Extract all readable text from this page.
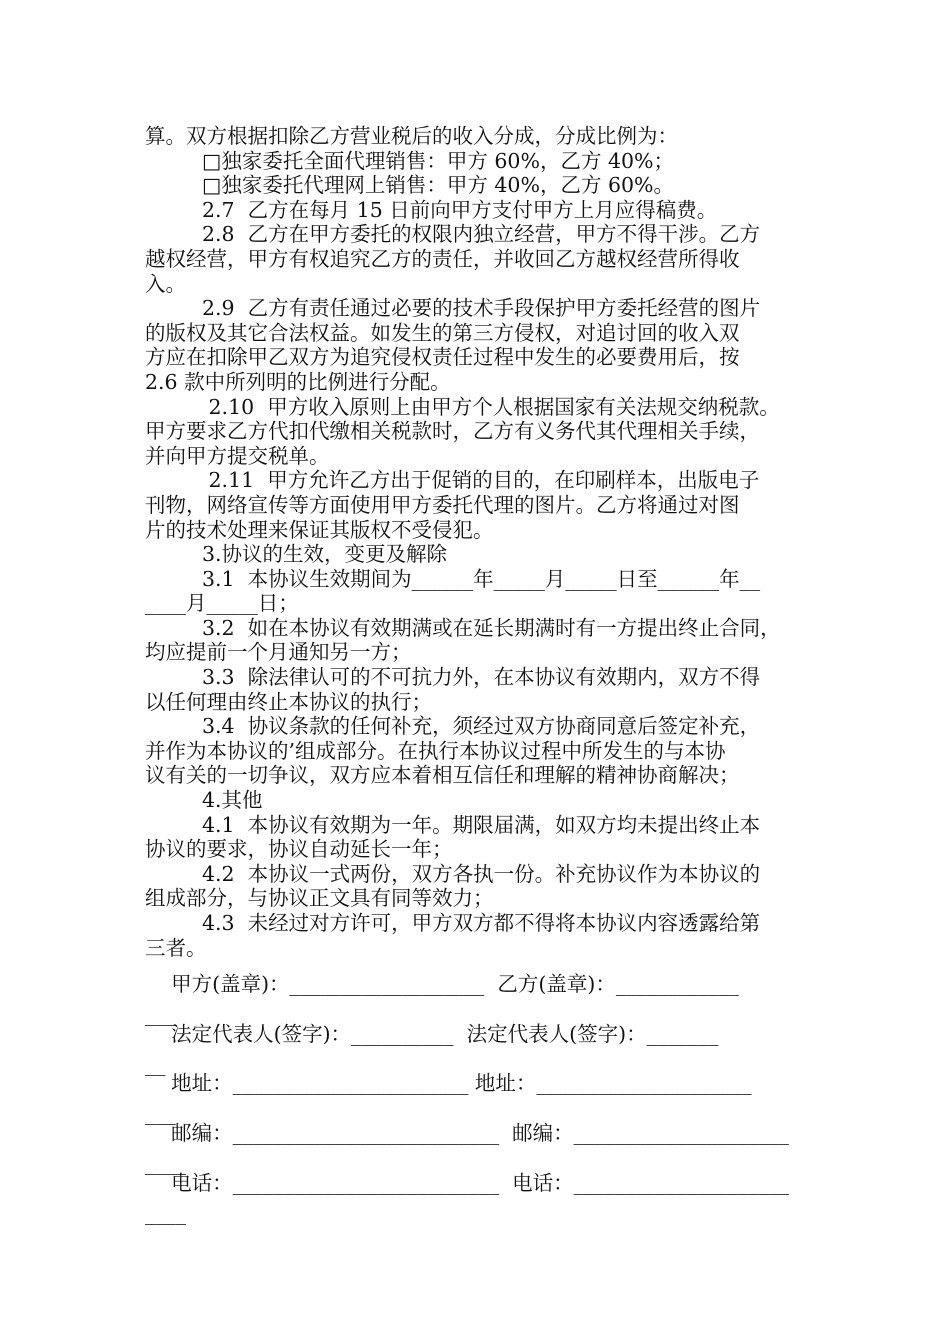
算。双方根据扣除乙方营业税后的收入分成，分成比例为：
□独家委托全面代理销售：甲方 60%，乙方 40%；
□独家委托代理网上销售：甲方 40%，乙方 60%。
2.7  乙方在每月 15 日前向甲方支付甲方上月应得稿费。
2.8  乙方在甲方委托的权限内独立经营，甲方不得干涉。乙方
越权经营，甲方有权追究乙方的责任，并收回乙方越权经营所得收
入。
2.9  乙方有责任通过必要的技术手段保护甲方委托经营的图片
的版权及其它合法权益。如发生的第三方侵权，对追讨回的收入双
方应在扣除甲乙双方为追究侵权责任过程中发生的必要费用后，按
2.6 款中所列明的比例进行分配。
2.10  甲方收入原则上由甲方个人根据国家有关法规交纳税款。
甲方要求乙方代扣代缴相关税款时，乙方有义务代其代理相关手续，
并向甲方提交税单。
2.11  甲方允许乙方出于促销的目的，在印刷样本，出版电子
刊物，网络宣传等方面使用甲方委托代理的图片。乙方将通过对图
片的技术处理来保证其版权不受侵犯。
3.协议的生效，变更及解除
3.1  本协议生效期间为______年_____月_____日至______年__
____月_____日；
3.2  如在本协议有效期满或在延长期满时有一方提出终止合同，
均应提前一个月通知另一方；
3.3  除法律认可的不可抗力外，在本协议有效期内，双方不得
以任何理由终止本协议的执行；
3.4  协议条款的任何补充，须经过双方协商同意后签定补充，
并作为本协议的’组成部分。在执行本协议过程中所发生的与本协
议有关的一切争议，双方应本着相互信任和理解的精神协商解决；
4.其他
4.1  本协议有效期为一年。期限届满，如双方均未提出终止本
协议的要求，协议自动延长一年；
4.2  本协议一式两份，双方各执一份。补充协议作为本协议的
组成部分，与协议正文具有同等效力；
4.3  未经过对方许可，甲方双方都不得将本协议内容透露给第
三者。
甲方(盖章)：___________________  乙方(盖章)：____________
___
法定代表人(签字)：__________  法定代表人(签字)：_______
__
地址：_______________________ 地址：_____________________
___
邮编：__________________________  邮编：_____________________
____
电话：__________________________  电话：_____________________
____
